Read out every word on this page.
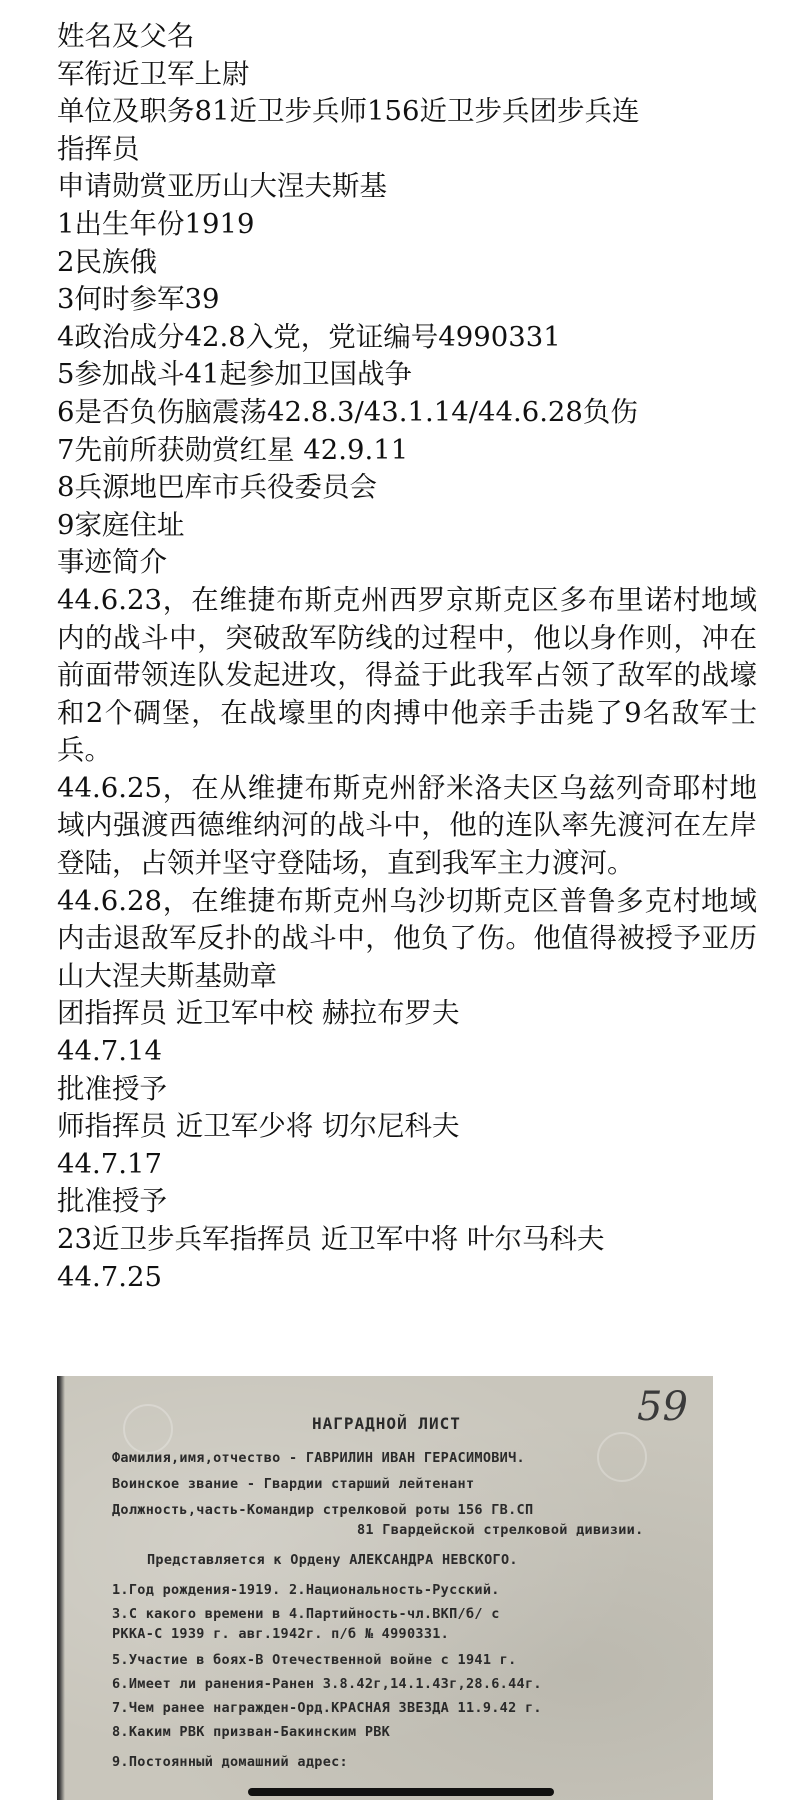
姓名及父名
军衔近卫军上尉
单位及职务81近卫步兵师156近卫步兵团步兵连
指挥员
申请勋赏亚历山大涅夫斯基
1出生年份1919
2民族俄
3何时参军39
4政治成分42.8入党，党证编号4990331
5参加战斗41起参加卫国战争
6是否负伤脑震荡42.8.3/43.1.14/44.6.28负伤
7先前所获勋赏红星 42.9.11
8兵源地巴库市兵役委员会
9家庭住址
事迹简介
44.6.23，在维捷布斯克州西罗京斯克区多布里诺村地域内的战斗中，突破敌军防线的过程中，他以身作则，冲在前面带领连队发起进攻，得益于此我军占领了敌军的战壕和2个碉堡，在战壕里的肉搏中他亲手击毙了9名敌军士兵。
44.6.25，在从维捷布斯克州舒米洛夫区乌兹列奇耶村地域内强渡西德维纳河的战斗中，他的连队率先渡河在左岸登陆，占领并坚守登陆场，直到我军主力渡河。
44.6.28，在维捷布斯克州乌沙切斯克区普鲁多克村地域内击退敌军反扑的战斗中，他负了伤。他值得被授予亚历山大涅夫斯基勋章
团指挥员 近卫军中校 赫拉布罗夫
44.7.14
批准授予
师指挥员 近卫军少将 切尔尼科夫
44.7.17
批准授予
23近卫步兵军指挥员 近卫军中将 叶尔马科夫
44.7.25
59
НАГРАДНОЙ ЛИСТ
Фамилия,имя,отчество - ГАВРИЛИН ИВАН ГЕРАСИМОВИЧ.
Воинское звание - Гвардии старший лейтенант
Должность,часть-Командир стрелковой роты 156 ГВ.СП
81 Гвардейской стрелковой дивизии.
Представляется к Ордену АЛЕКСАНДРА НЕВСКОГО.
1.Год рождения-1919. 2.Национальность-Русский.
3.С какого времени в 4.Партийность-чл.ВКП/б/ с
РККА-С 1939 г. авг.1942г. п/б № 4990331.
5.Участие в боях-В Отечественной войне с 1941 г.
6.Имеет ли ранения-Ранен 3.8.42г,14.1.43г,28.6.44г.
7.Чем ранее награжден-Орд.КРАСНАЯ ЗВЕЗДА 11.9.42 г.
8.Каким РВК призван-Бакинским РВК
9.Постоянный домашний адрес:
